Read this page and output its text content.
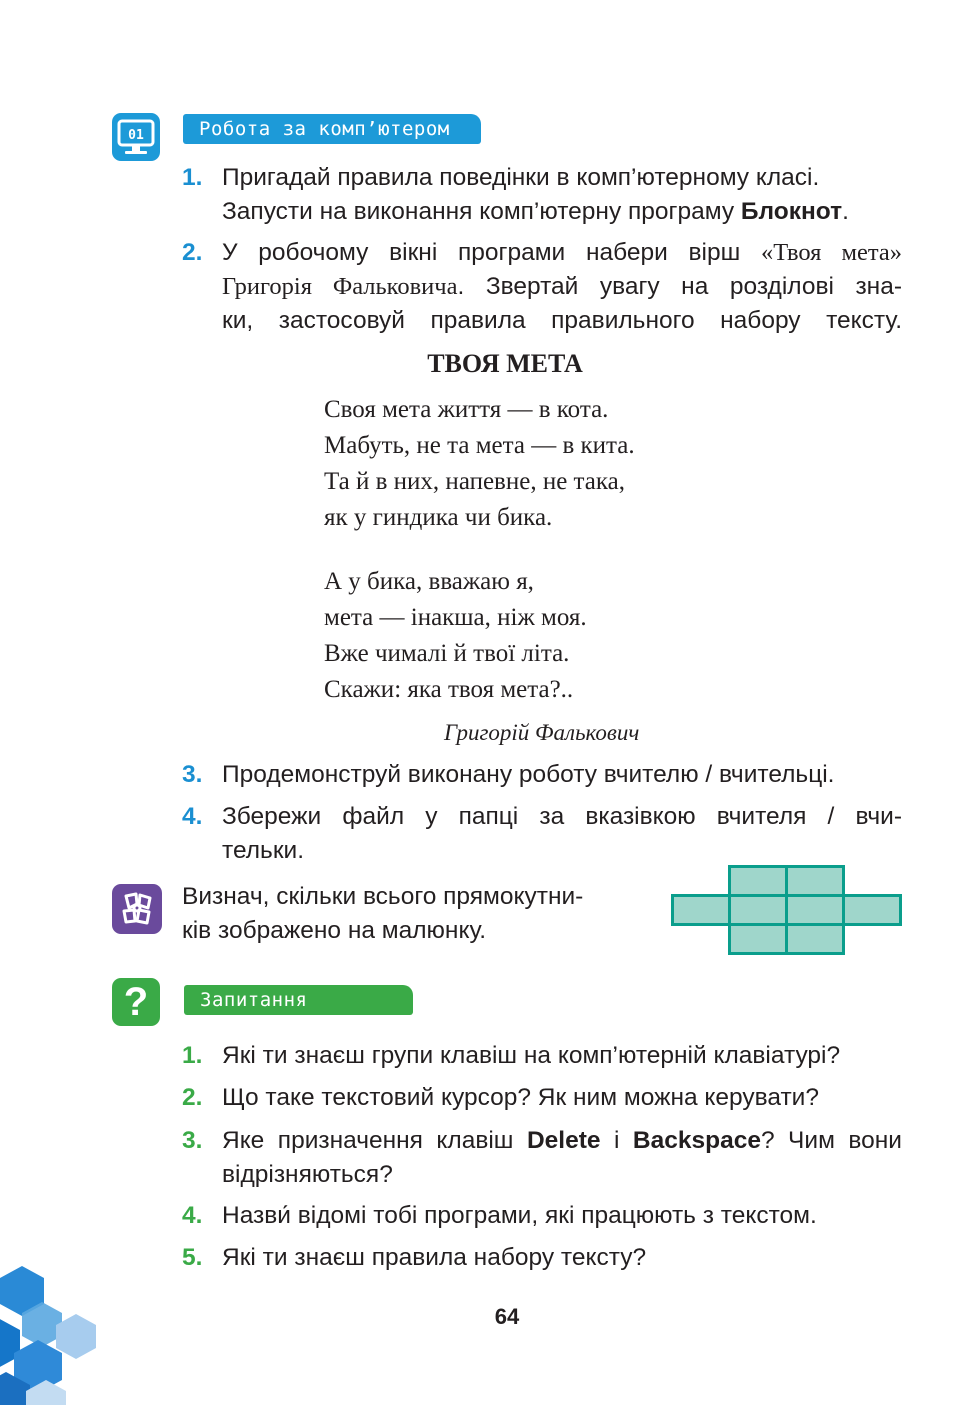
01	Робота за комп’ютером
1. Пригадай правила поведінки в комп’ютерному класі.
Запусти на виконання комп’ютерну програму Блокнот.
2. У робочому вікні програми набери вірш «Твоя мета»
Григорія Фальковича. Звертай увагу на розділові зна-
ки, застосовуй правила правильного набору тексту.
ТВОЯ МЕТА
Своя мета життя — в кота.
Мабуть, не та мета — в кита.
Та й в них, напевне, не така,
як у гиндика чи бика.
А у бика, вважаю я,
мета — інакша, ніж моя.
Вже чималі й твої літа.
Скажи: яка твоя мета?..
Григорій Фалькович
3. Продемонструй виконану роботу вчителю / вчительці.
4. Збережи файл у папці за вказівкою вчителя / вчи-
тельки.
Визнач, скільки всього прямокутни-
ків зображено на малюнку.
?	Запитання
1. Які ти знаєш групи клавіш на комп’ютерній клавіатурі?
2. Що таке текстовий курсор? Як ним можна керувати?
3. Яке призначення клавіш Delete і Backspace? Чим вони
відрізняються?
4. Назви́ відомі тобі програми, які працюють з текстом.
5. Які ти знаєш правила набору тексту?
64
